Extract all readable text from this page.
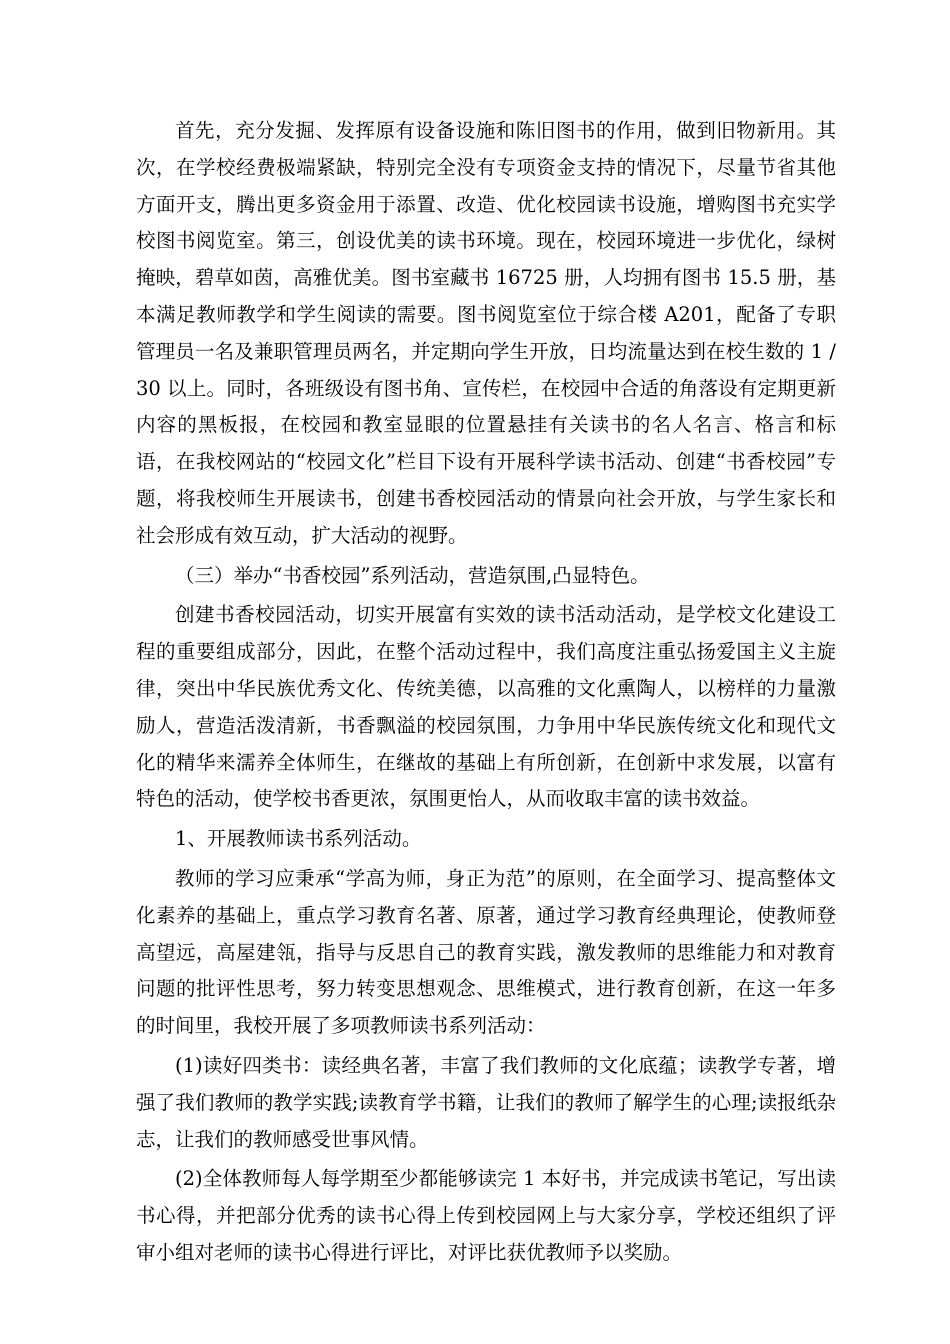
首先，充分发掘、发挥原有设备设施和陈旧图书的作用，做到旧物新用。其次，在学校经费极端紧缺，特别完全没有专项资金支持的情况下，尽量节省其他方面开支，腾出更多资金用于添置、改造、优化校园读书设施，增购图书充实学校图书阅览室。第三，创设优美的读书环境。现在，校园环境进一步优化，绿树掩映，碧草如茵，高雅优美。图书室藏书 16725 册，人均拥有图书 15.5 册，基本满足教师教学和学生阅读的需要。图书阅览室位于综合楼 A201，配备了专职管理员一名及兼职管理员两名，并定期向学生开放，日均流量达到在校生数的 1 / 30 以上。同时，各班级设有图书角、宣传栏，在校园中合适的角落设有定期更新内容的黑板报，在校园和教室显眼的位置悬挂有关读书的名人名言、格言和标语，在我校网站的“校园文化”栏目下设有开展科学读书活动、创建“书香校园”专题，将我校师生开展读书，创建书香校园活动的情景向社会开放，与学生家长和社会形成有效互动，扩大活动的视野。

（三）举办“书香校园”系列活动，营造氛围,凸显特色。

创建书香校园活动，切实开展富有实效的读书活动活动，是学校文化建设工程的重要组成部分，因此，在整个活动过程中，我们高度注重弘扬爱国主义主旋律，突出中华民族优秀文化、传统美德，以高雅的文化熏陶人，以榜样的力量激励人，营造活泼清新，书香飘溢的校园氛围，力争用中华民族传统文化和现代文化的精华来濡养全体师生，在继故的基础上有所创新，在创新中求发展，以富有特色的活动，使学校书香更浓，氛围更怡人，从而收取丰富的读书效益。

1、开展教师读书系列活动。

教师的学习应秉承“学高为师，身正为范”的原则，在全面学习、提高整体文化素养的基础上，重点学习教育名著、原著，通过学习教育经典理论，使教师登高望远，高屋建瓴，指导与反思自己的教育实践，激发教师的思维能力和对教育问题的批评性思考，努力转变思想观念、思维模式，进行教育创新，在这一年多的时间里，我校开展了多项教师读书系列活动：

(1)读好四类书：读经典名著，丰富了我们教师的文化底蕴；读教学专著，增强了我们教师的教学实践;读教育学书籍，让我们的教师了解学生的心理;读报纸杂志，让我们的教师感受世事风情。

(2)全体教师每人每学期至少都能够读完 1 本好书，并完成读书笔记，写出读书心得，并把部分优秀的读书心得上传到校园网上与大家分享，学校还组织了评审小组对老师的读书心得进行评比，对评比获优教师予以奖励。
